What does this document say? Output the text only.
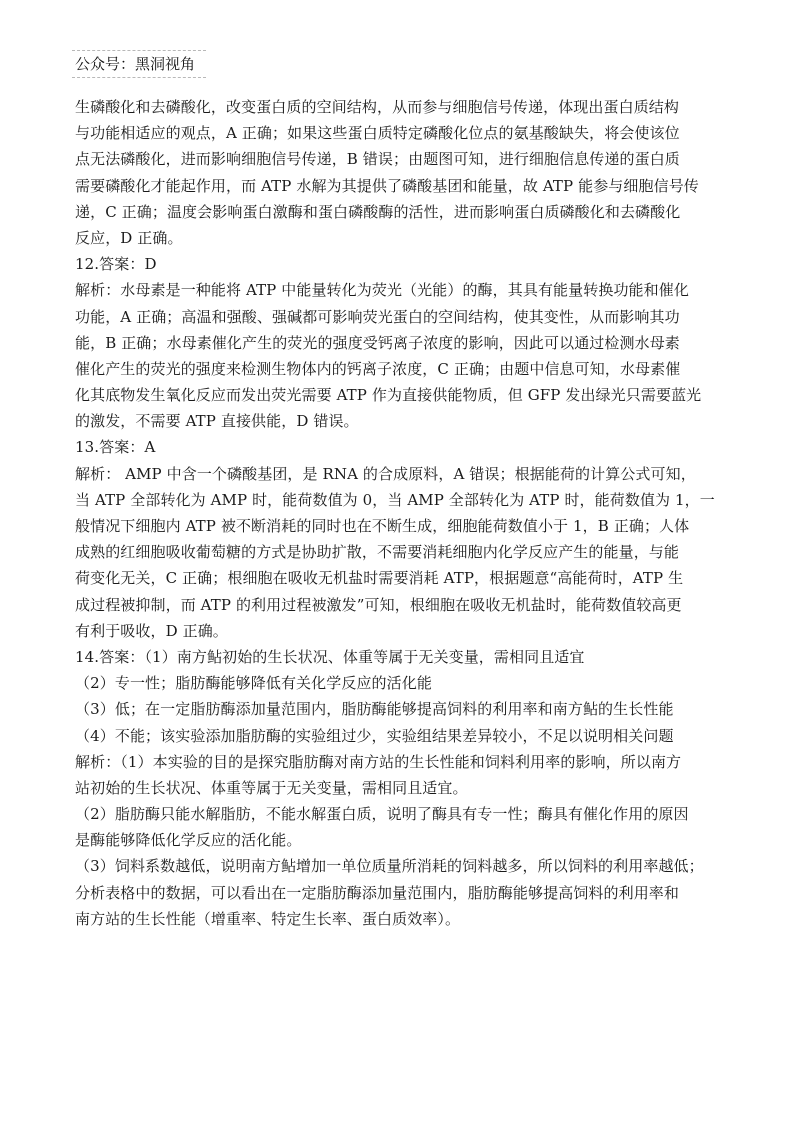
公众号：黑洞视角
生磷酸化和去磷酸化，改变蛋白质的空间结构，从而参与细胞信号传递，体现出蛋白质结构
与功能相适应的观点，A 正确；如果这些蛋白质特定磷酸化位点的氨基酸缺失，将会使该位
点无法磷酸化，进而影响细胞信号传递，B 错误；由题图可知，进行细胞信息传递的蛋白质
需要磷酸化才能起作用，而 ATP 水解为其提供了磷酸基团和能量，故 ATP 能参与细胞信号传
递，C 正确；温度会影响蛋白激酶和蛋白磷酸酶的活性，进而影响蛋白质磷酸化和去磷酸化
反应，D 正确。
12.答案：D
解析：水母素是一种能将 ATP 中能量转化为荧光（光能）的酶，其具有能量转换功能和催化
功能，A 正确；高温和强酸、强碱都可影响荧光蛋白的空间结构，使其变性，从而影响其功
能，B 正确；水母素催化产生的荧光的强度受钙离子浓度的影响，因此可以通过检测水母素
催化产生的荧光的强度来检测生物体内的钙离子浓度，C 正确；由题中信息可知，水母素催
化其底物发生氧化反应而发出荧光需要 ATP 作为直接供能物质，但 GFP 发出绿光只需要蓝光
的激发，不需要 ATP 直接供能，D 错误。
13.答案：A
解析： AMP 中含一个磷酸基团，是 RNA 的合成原料，A 错误；根据能荷的计算公式可知，
当 ATP 全部转化为 AMP 时，能荷数值为 0，当 AMP 全部转化为 ATP 时，能荷数值为 1，一
般情况下细胞内 ATP 被不断消耗的同时也在不断生成，细胞能荷数值小于 1，B 正确；人体
成熟的红细胞吸收葡萄糖的方式是协助扩散，不需要消耗细胞内化学反应产生的能量，与能
荷变化无关，C 正确；根细胞在吸收无机盐时需要消耗 ATP，根据题意“高能荷时，ATP 生
成过程被抑制，而 ATP 的利用过程被激发”可知，根细胞在吸收无机盐时，能荷数值较高更
有利于吸收，D 正确。
14.答案：（1）南方鲇初始的生长状况、体重等属于无关变量，需相同且适宜
（2）专一性；脂肪酶能够降低有关化学反应的活化能
（3）低；在一定脂肪酶添加量范围内，脂肪酶能够提高饲料的利用率和南方鲇的生长性能
（4）不能；该实验添加脂肪酶的实验组过少，实验组结果差异较小，不足以说明相关问题
解析：（1）本实验的目的是探究脂肪酶对南方站的生长性能和饲料利用率的影响，所以南方
站初始的生长状况、体重等属于无关变量，需相同且适宜。
（2）脂肪酶只能水解脂肪，不能水解蛋白质，说明了酶具有专一性；酶具有催化作用的原因
是酶能够降低化学反应的活化能。
（3）饲料系数越低，说明南方鲇增加一单位质量所消耗的饲料越多，所以饲料的利用率越低；
分析表格中的数据，可以看出在一定脂肪酶添加量范围内，脂肪酶能够提高饲料的利用率和
南方站的生长性能（增重率、特定生长率、蛋白质效率）。
